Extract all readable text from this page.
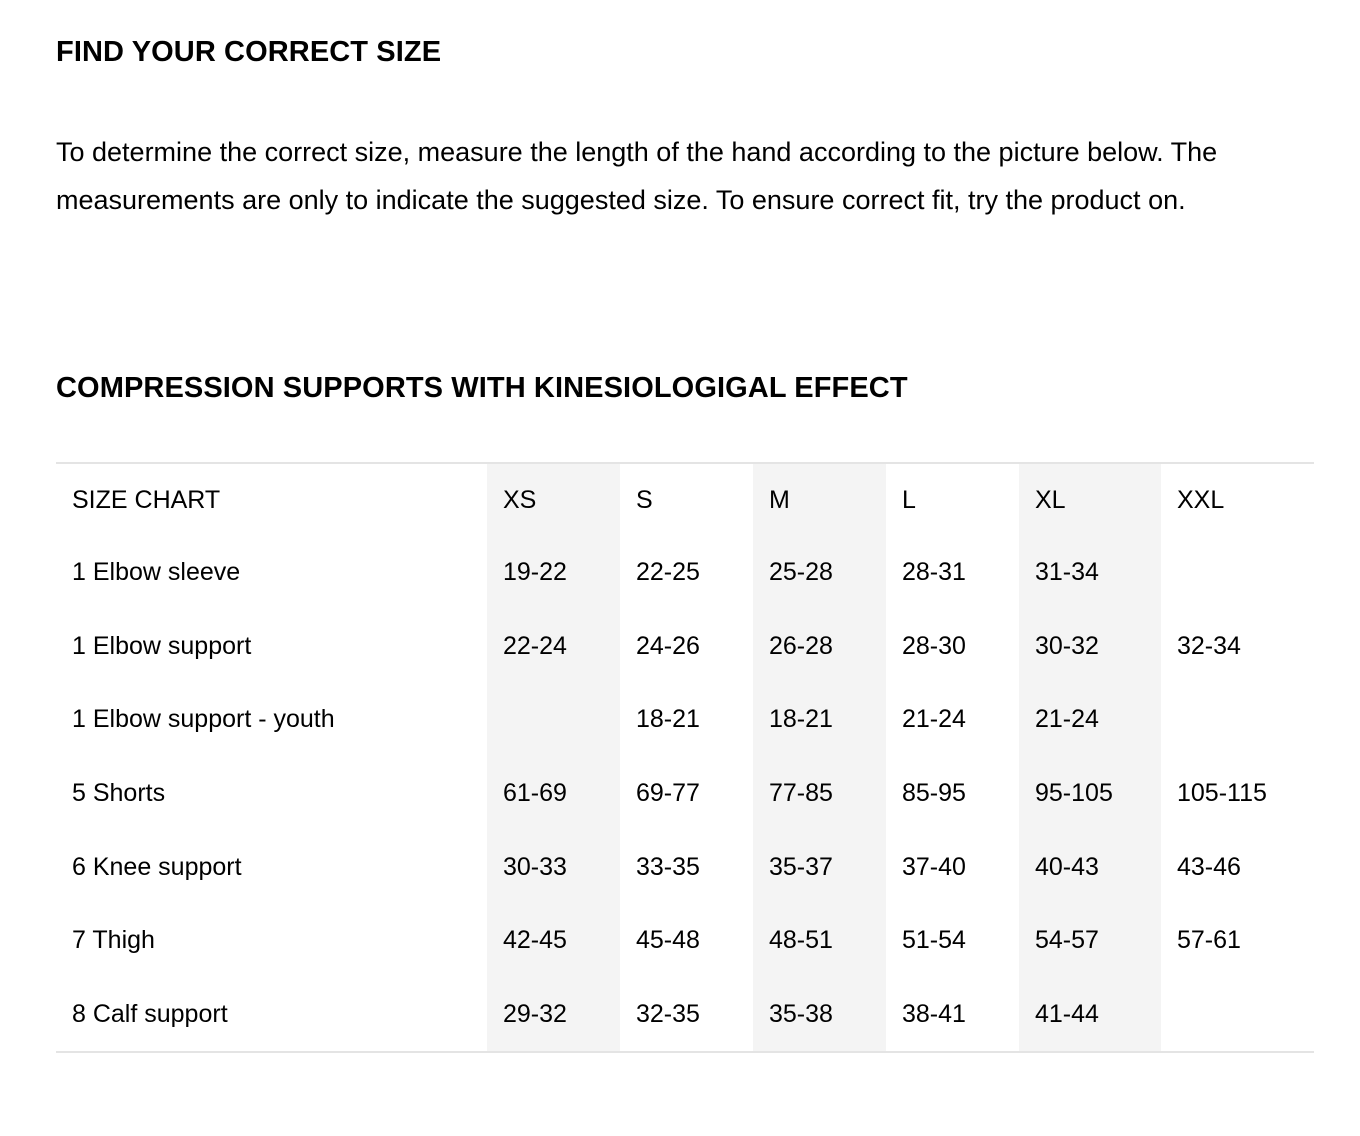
FIND YOUR CORRECT SIZE

To determine the correct size, measure the length of the hand according to the picture below. The measurements are only to indicate the suggested size. To ensure correct fit, try the product on.

COMPRESSION SUPPORTS WITH KINESIOLOGIGAL EFFECT
SIZE CHART	XS	S	M	L	XL	XXL
1 Elbow sleeve	19-22	22-25	25-28	28-31	31-34	
1 Elbow support	22-24	24-26	26-28	28-30	30-32	32-34
1 Elbow support - youth		18-21	18-21	21-24	21-24	
5 Shorts	61-69	69-77	77-85	85-95	95-105	105-115
6 Knee support	30-33	33-35	35-37	37-40	40-43	43-46
7 Thigh	42-45	45-48	48-51	51-54	54-57	57-61
8 Calf support	29-32	32-35	35-38	38-41	41-44	
